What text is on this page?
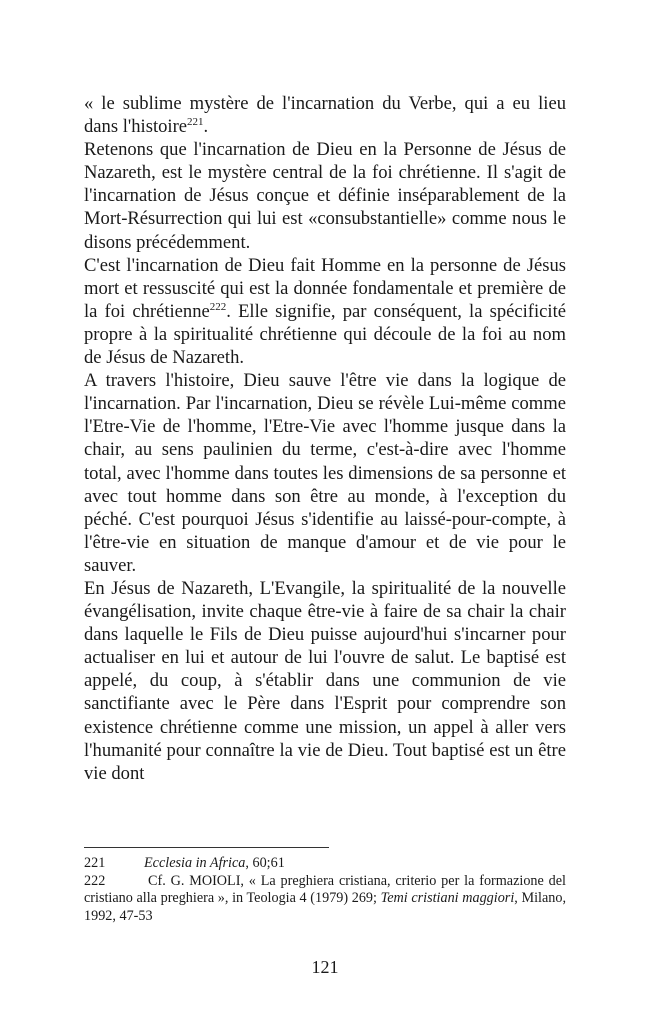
« le sublime mystère de l'incarnation du Verbe, qui a eu lieu dans l'histoire$^{221}$.

Retenons que l'incarnation de Dieu en la Personne de Jésus de Nazareth, est le mystère central de la foi chrétienne. Il s'agit de l'incarnation de Jésus conçue et définie inséparablement de la Mort-Résurrection qui lui est «consubstantielle» comme nous le disons précédemment.

C'est l'incarnation de Dieu fait Homme en la personne de Jésus mort et ressuscité qui est la donnée fondamentale et première de la foi chrétienne$^{222}$. Elle signifie, par conséquent, la spécificité propre à la spiritualité chrétienne qui découle de la foi au nom de Jésus de Nazareth.

A travers l'histoire, Dieu sauve l'être vie dans la logique de l'incarnation. Par l'incarnation, Dieu se révèle Lui-même comme l'Etre-Vie de l'homme, l'Etre-Vie avec l'homme jusque dans la chair, au sens paulinien du terme, c'est-à-dire avec l'homme total, avec l'homme dans toutes les dimensions de sa personne et avec tout homme dans son être au monde, à l'exception du péché. C'est pourquoi Jésus s'identifie au laissé-pour-compte, à l'être-vie en situation de manque d'amour et de vie pour le sauver.

En Jésus de Nazareth, L'Evangile, la spiritualité de la nouvelle évangélisation, invite chaque être-vie à faire de sa chair la chair dans laquelle le Fils de Dieu puisse aujourd'hui s'incarner pour actualiser en lui et autour de lui l'ouvre de salut. Le baptisé est appelé, du coup, à s'établir dans une communion de vie sanctifiante avec le Père dans l'Esprit pour comprendre son existence chrétienne comme une mission, un appel à aller vers l'humanité pour connaître la vie de Dieu. Tout baptisé est un être vie dont

221	Ecclesia in Africa, 60;61

222	Cf. G. MOIOLI, « La preghiera cristiana, criterio per la formazione del cristiano alla preghiera », in Teologia 4 (1979) 269; Temi cristiani maggiori, Milano, 1992, 47-53

121
